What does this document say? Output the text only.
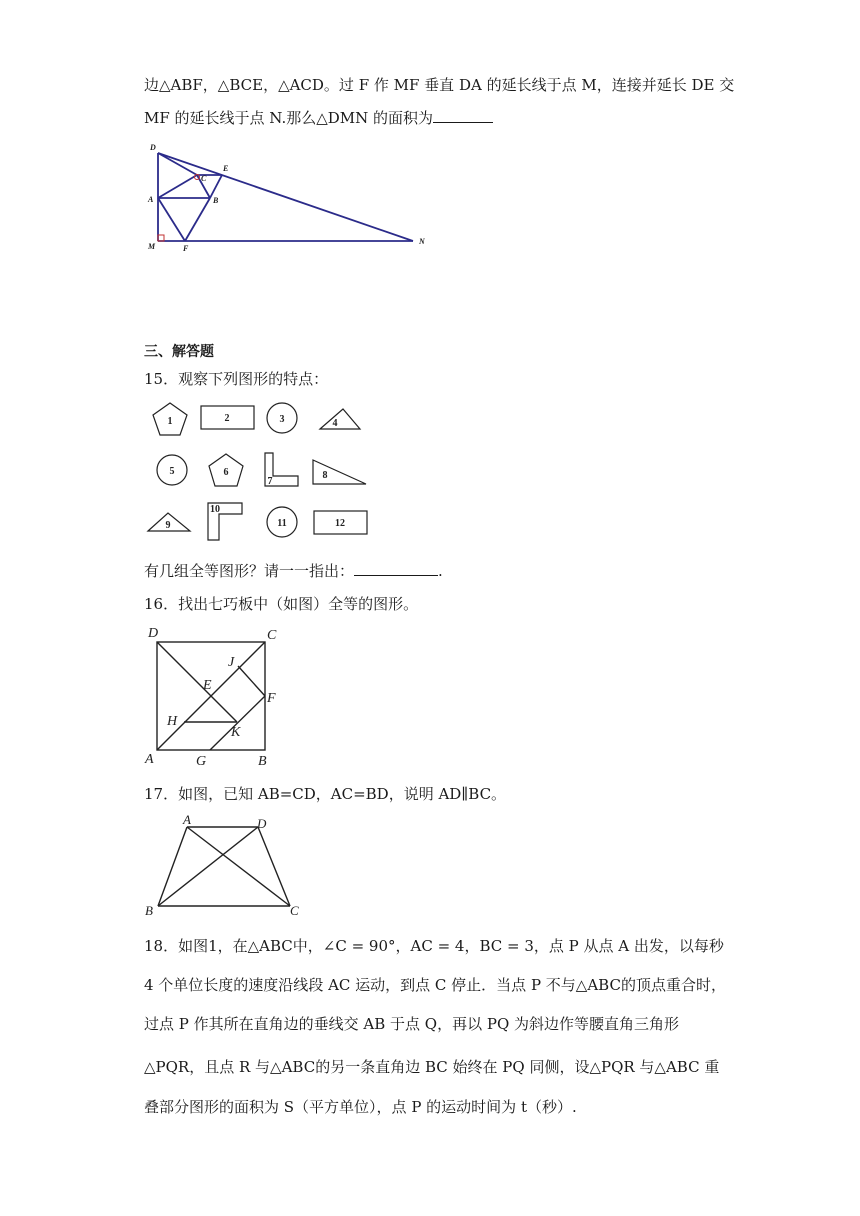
边△ABF，△BCE，△ACD。过 F 作 MF 垂直 DA 的延长线于点 M，连接并延长 DE 交
MF 的延长线于点 N.那么△DMN 的面积为
D
E
C
A	B
M	F
N
三、解答题
15．观察下列图形的特点：
1	2	3	4
5	6
7
8
9
10
11	12
有几组全等图形？请一一指出：	.
16．找出七巧板中（如图）全等的图形。
D	C
J
E
F
H
K
A	G	B
17．如图，已知 AB=CD，AC=BD，说明 AD∥BC。
A	D
B	C
18．如图1，在△ABC中，∠C = 90°，AC = 4，BC = 3，点 P 从点 A 出发，以每秒
4 个单位长度的速度沿线段 AC 运动，到点 C 停止．当点 P 不与△ABC的顶点重合时，
过点 P 作其所在直角边的垂线交 AB 于点 Q，再以 PQ 为斜边作等腰直角三角形
△PQR，且点 R 与△ABC的另一条直角边 BC 始终在 PQ 同侧，设△PQR 与△ABC 重
叠部分图形的面积为 S（平方单位），点 P 的运动时间为 t（秒）.
